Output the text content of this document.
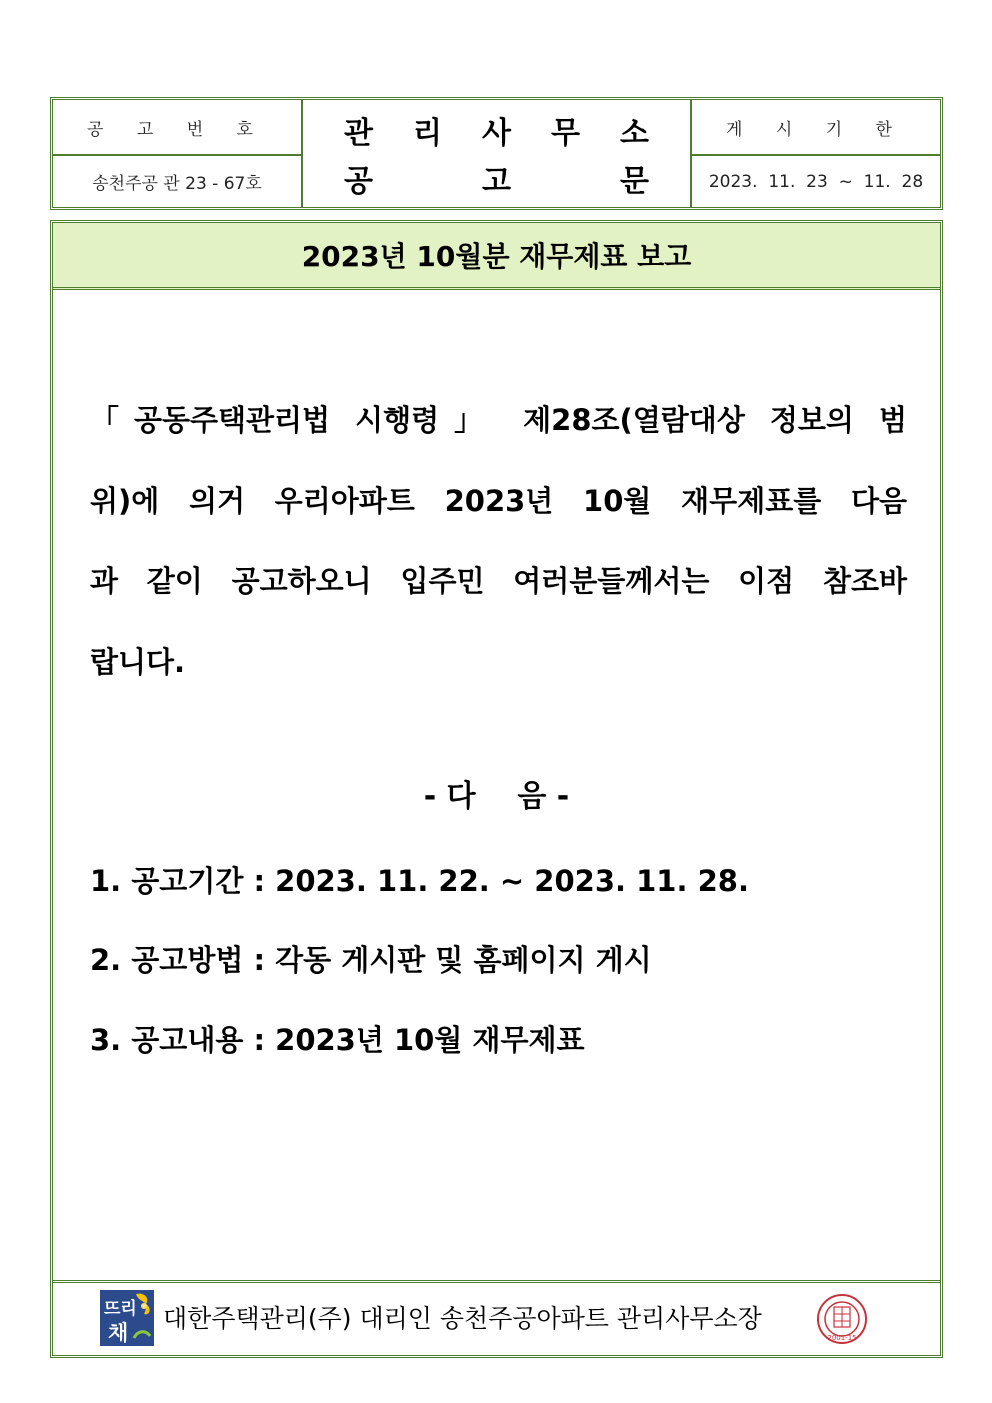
공 고 번 호
송천주공 관 23 - 67호
관 리 사 무 소
공	고	문
게 시 기 한
2023.  11.  23  ~  11.  28
2023년 10월분 재무제표 보고
「공동주택관리법 시행령」 제28조(열람대상 정보의 범
위)에 의거 우리아파트 2023년 10월 재무제표를 다음
과 같이 공고하오니 입주민 여러분들께서는 이점 참조바
랍니다.
- 다    음 -
1. 공고기간 : 2023. 11. 22. ~ 2023. 11. 28.
2. 공고방법 : 각동 게시판 및 홈페이지 게시
3. 공고내용 : 2023년 10월 재무제표
뜨리
채 대한주택관리(주) 대리인 송천주공아파트 관리사무소장
2001-15
